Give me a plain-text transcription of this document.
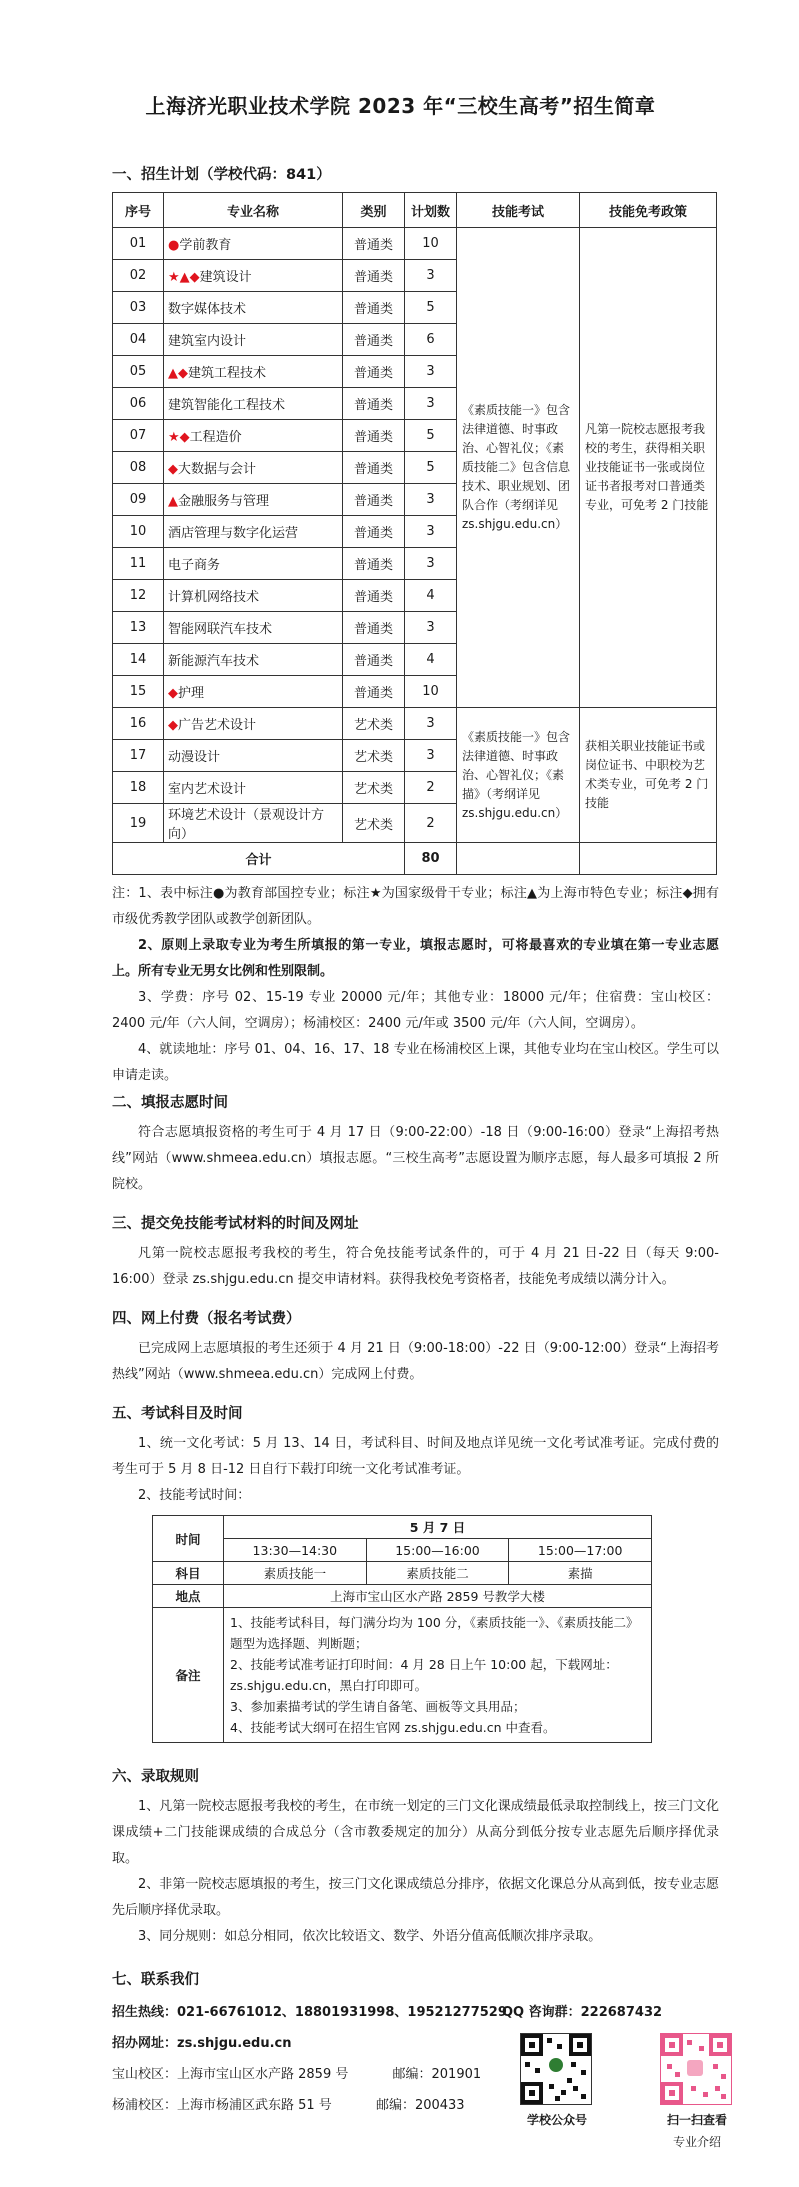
上海济光职业技术学院 2023 年“三校生高考”招生简章
一、招生计划（学校代码：841）
序号	专业名称	类别	计划数	技能考试	技能免考政策
01	●学前教育	普通类	10	《素质技能一》包含法律道德、时事政治、心智礼仪；《素质技能二》包含信息技术、职业规划、团队合作（考纲详见zs.shjgu.edu.cn）	凡第一院校志愿报考我校的考生，获得相关职业技能证书一张或岗位证书者报考对口普通类专业，可免考 2 门技能
02	★▲◆建筑设计	普通类	3		
03	数字媒体技术	普通类	5		
04	建筑室内设计	普通类	6		
05	▲◆建筑工程技术	普通类	3		
06	建筑智能化工程技术	普通类	3		
07	★◆工程造价	普通类	5		
08	◆大数据与会计	普通类	5		
09	▲金融服务与管理	普通类	3		
10	酒店管理与数字化运营	普通类	3		
11	电子商务	普通类	3		
12	计算机网络技术	普通类	4		
13	智能网联汽车技术	普通类	3		
14	新能源汽车技术	普通类	4		
15	◆护理	普通类	10		
16	◆广告艺术设计	艺术类	3	《素质技能一》包含法律道德、时事政治、心智礼仪；《素描》（考纲详见zs.shjgu.edu.cn）	获相关职业技能证书或岗位证书、中职校为艺术类专业，可免考 2 门技能
17	动漫设计	艺术类	3		
18	室内艺术设计	艺术类	2		
19	环境艺术设计（景观设计方向）	艺术类	2		
合计			80		

注：1、表中标注●为教育部国控专业；标注★为国家级骨干专业；标注▲为上海市特色专业；标注◆拥有市级优秀教学团队或教学创新团队。

2、原则上录取专业为考生所填报的第一专业，填报志愿时，可将最喜欢的专业填在第一专业志愿上。所有专业无男女比例和性别限制。

3、学费：序号 02、15-19 专业 20000 元/年；其他专业：18000 元/年；住宿费：宝山校区：2400 元/年（六人间，空调房）；杨浦校区：2400 元/年或 3500 元/年（六人间，空调房）。

4、就读地址：序号 01、04、16、17、18 专业在杨浦校区上课，其他专业均在宝山校区。学生可以申请走读。

二、填报志愿时间

符合志愿填报资格的考生可于 4 月 17 日（9:00-22:00）-18 日（9:00-16:00）登录“上海招考热线”网站（www.shmeea.edu.cn）填报志愿。“三校生高考”志愿设置为顺序志愿，每人最多可填报 2 所院校。

三、提交免技能考试材料的时间及网址

凡第一院校志愿报考我校的考生，符合免技能考试条件的，可于 4 月 21 日-22 日（每天 9:00-16:00）登录 zs.shjgu.edu.cn 提交申请材料。获得我校免考资格者，技能免考成绩以满分计入。

四、网上付费（报名考试费）

已完成网上志愿填报的考生还须于 4 月 21 日（9:00-18:00）-22 日（9:00-12:00）登录“上海招考热线”网站（www.shmeea.edu.cn）完成网上付费。

五、考试科目及时间

1、统一文化考试：5 月 13、14 日，考试科目、时间及地点详见统一文化考试准考证。完成付费的考生可于 5 月 8 日-12 日自行下载打印统一文化考试准考证。

2、技能考试时间：

时间	5 月 7 日		
	13:30—14:30	15:00—16:00	15:00—17:00
科目	素质技能一	素质技能二	素描
地点	上海市宝山区水产路 2859 号教学大楼		
备注	1、技能考试科目，每门满分均为 100 分，《素质技能一》、《素质技能二》题型为选择题、判断题；
2、技能考试准考证打印时间：4 月 28 日上午 10:00 起，下载网址：zs.shjgu.edu.cn，黑白打印即可。
3、参加素描考试的学生请自备笔、画板等文具用品；
4、技能考试大纲可在招生官网 zs.shjgu.edu.cn 中查看。		
六、录取规则

1、凡第一院校志愿报考我校的考生，在市统一划定的三门文化课成绩最低录取控制线上，按三门文化课成绩+二门技能课成绩的合成总分（含市教委规定的加分）从高分到低分按专业志愿先后顺序择优录取。

2、非第一院校志愿填报的考生，按三门文化课成绩总分排序，依据文化课总分从高到低，按专业志愿先后顺序择优录取。

3、同分规则：如总分相同，依次比较语文、数学、外语分值高低顺次排序录取。

七、联系我们
招生热线：021-66761012、18801931998、19521277529
招办网址：zs.shjgu.edu.cn
宝山校区：上海市宝山区水产路 2859 号	邮编：201901
杨浦校区：上海市杨浦区武东路 51 号	邮编：200433
QQ 咨询群：222687432
学校公众号	扫一扫查看
专业介绍
